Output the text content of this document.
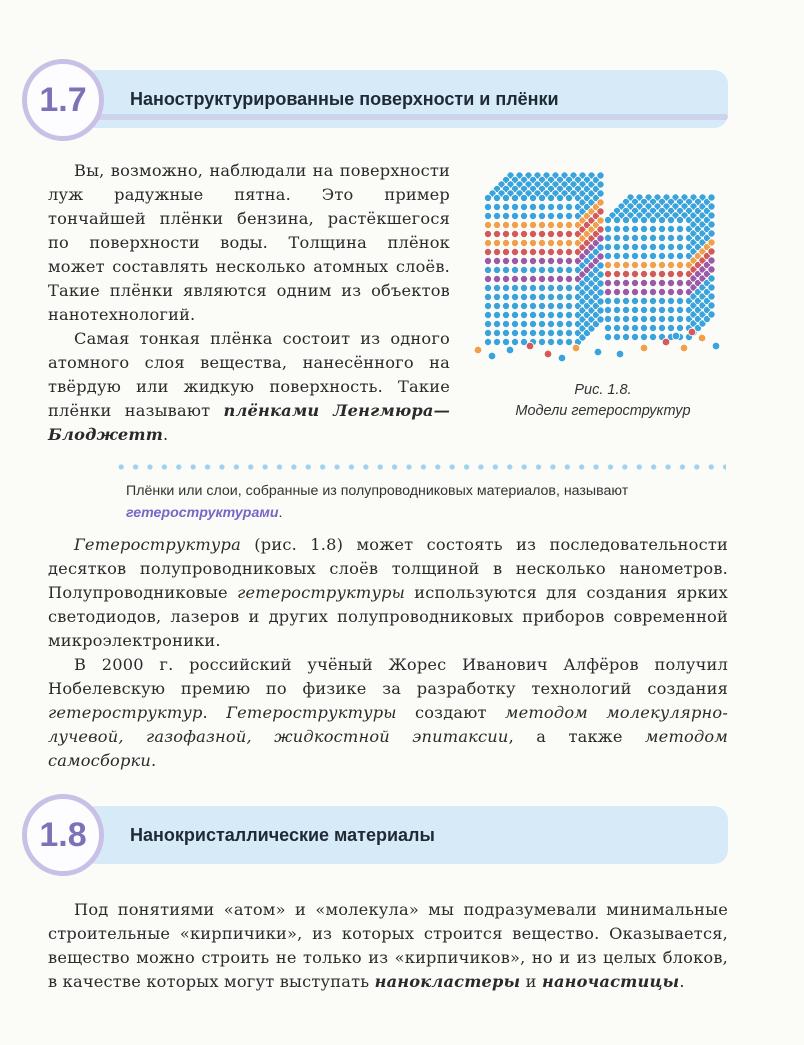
1.7 Наноструктурированные поверхности и плёнки

Вы, возможно, наблюдали на поверхности луж радужные пятна. Это пример тончайшей плёнки бензина, растёкшегося по поверхности воды. Толщина плёнок может составлять несколько атомных слоёв. Такие плёнки являются одним из объектов нанотехнологий.

Самая тонкая плёнка состоит из одного атомного слоя вещества, нанесённого на твёрдую или жидкую поверхность. Такие плёнки называют плёнками Ленгмюра—Блоджетт.

Рис. 1.8.
Модели гетероструктур
Плёнки или слои, собранные из полупроводниковых материалов, называют гетероструктурами.

Гетероструктура (рис. 1.8) может состоять из последовательности десятков полупроводниковых слоёв толщиной в несколько нанометров. Полупроводниковые гетероструктуры используются для создания ярких светодиодов, лазеров и других полупроводниковых приборов современной микроэлектроники.

В 2000 г. российский учёный Жорес Иванович Алфёров получил Нобелевскую премию по физике за разработку технологий создания гетероструктур. Гетероструктуры создают методом молекулярно-лучевой, газофазной, жидкостной эпитаксии, а также методом самосборки.

1.8 Нанокристаллические материалы

Под понятиями «атом» и «молекула» мы подразумевали минимальные строительные «кирпичики», из которых строится вещество. Оказывается, вещество можно строить не только из «кирпичиков», но и из целых блоков, в качестве которых могут выступать нанокластеры и наночастицы.
